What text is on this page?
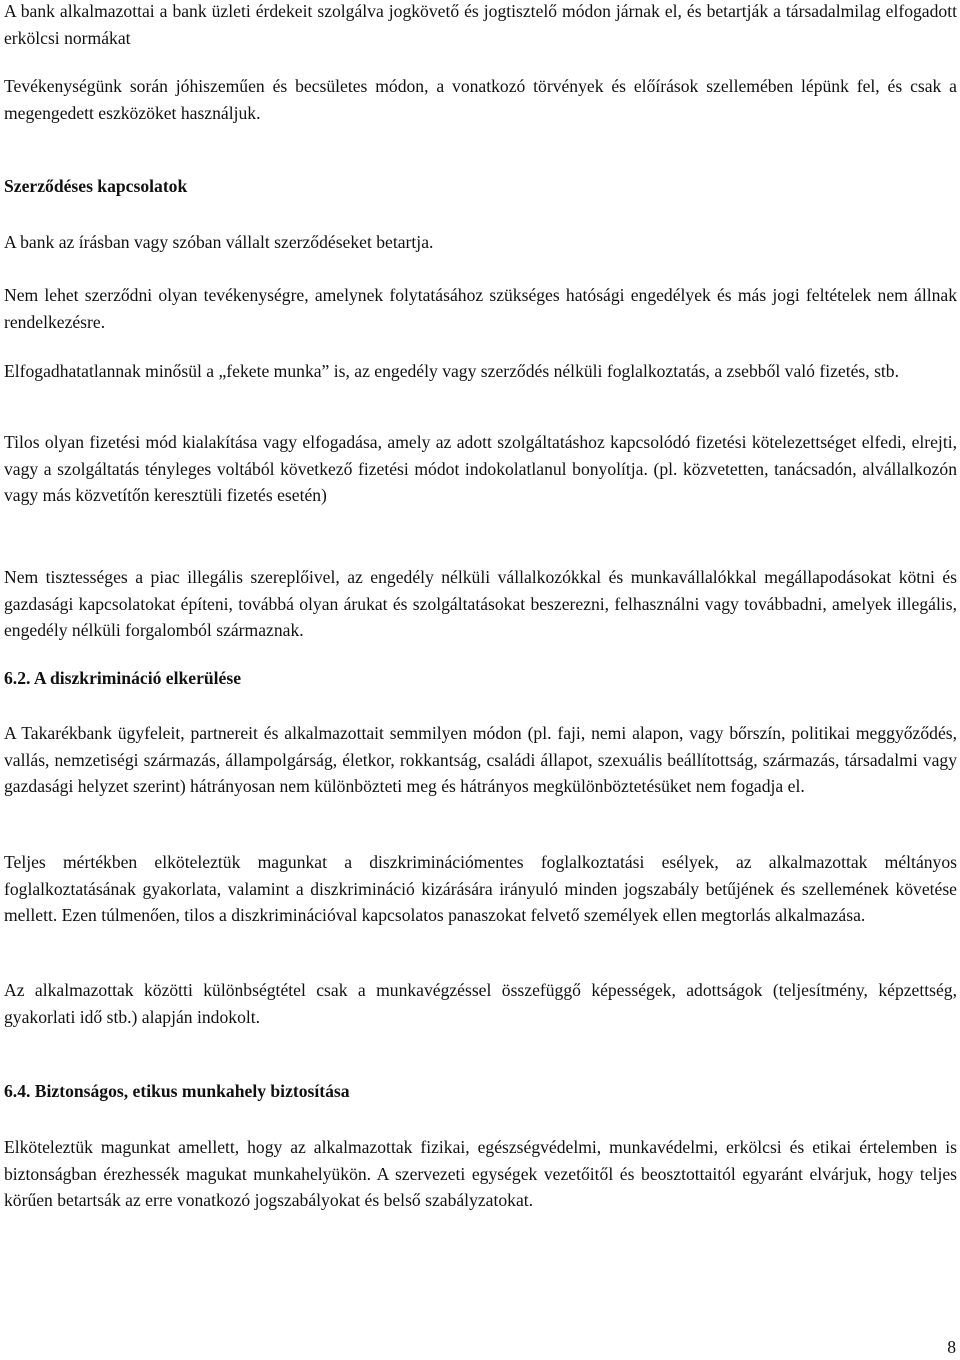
A bank alkalmazottai a bank üzleti érdekeit szolgálva jogkövető és jogtisztelő módon járnak el, és betartják a társadalmilag elfogadott erkölcsi normákat

Tevékenységünk során jóhiszeműen és becsületes módon, a vonatkozó törvények és előírások szellemében lépünk fel, és csak a megengedett eszközöket használjuk.

Szerződéses kapcsolatok

A bank az írásban vagy szóban vállalt szerződéseket betartja.

Nem lehet szerződni olyan tevékenységre, amelynek folytatásához szükséges hatósági engedélyek és más jogi feltételek nem állnak rendelkezésre.

Elfogadhatatlannak minősül a „fekete munka” is, az engedély vagy szerződés nélküli foglalkoztatás, a zsebből való fizetés, stb.

Tilos olyan fizetési mód kialakítása vagy elfogadása, amely az adott szolgáltatáshoz kapcsolódó fizetési kötelezettséget elfedi, elrejti, vagy a szolgáltatás tényleges voltából következő fizetési módot indokolatlanul bonyolítja. (pl. közvetetten, tanácsadón, alvállalkozón vagy más közvetítőn keresztüli fizetés esetén)

Nem tisztességes a piac illegális szereplőivel, az engedély nélküli vállalkozókkal és munkavállalókkal megállapodásokat kötni és gazdasági kapcsolatokat építeni, továbbá olyan árukat és szolgáltatásokat beszerezni, felhasználni vagy továbbadni, amelyek illegális, engedély nélküli forgalomból származnak.

6.2. A diszkrimináció elkerülése

A Takarékbank ügyfeleit, partnereit és alkalmazottait semmilyen módon (pl. faji, nemi alapon, vagy bőrszín, politikai meggyőződés, vallás, nemzetiségi származás, állampolgárság, életkor, rokkantság, családi állapot, szexuális beállítottság, származás, társadalmi vagy gazdasági helyzet szerint) hátrányosan nem különbözteti meg és hátrányos megkülönböztetésüket nem fogadja el.

Teljes mértékben elköteleztük magunkat a diszkriminációmentes foglalkoztatási esélyek, az alkalmazottak méltányos foglalkoztatásának gyakorlata, valamint a diszkrimináció kizárására irányuló minden jogszabály betűjének és szellemének követése mellett. Ezen túlmenően, tilos a diszkriminációval kapcsolatos panaszokat felvető személyek ellen megtorlás alkalmazása.

Az alkalmazottak közötti különbségtétel csak a munkavégzéssel összefüggő képességek, adottságok (teljesítmény, képzettség, gyakorlati idő stb.) alapján indokolt.

6.4. Biztonságos, etikus munkahely biztosítása

Elköteleztük magunkat amellett, hogy az alkalmazottak fizikai, egészségvédelmi, munkavédelmi, erkölcsi és etikai értelemben is biztonságban érezhessék magukat munkahelyükön. A szervezeti egységek vezetőitől és beosztottaitól egyaránt elvárjuk, hogy teljes körűen betartsák az erre vonatkozó jogszabályokat és belső szabályzatokat.

8
